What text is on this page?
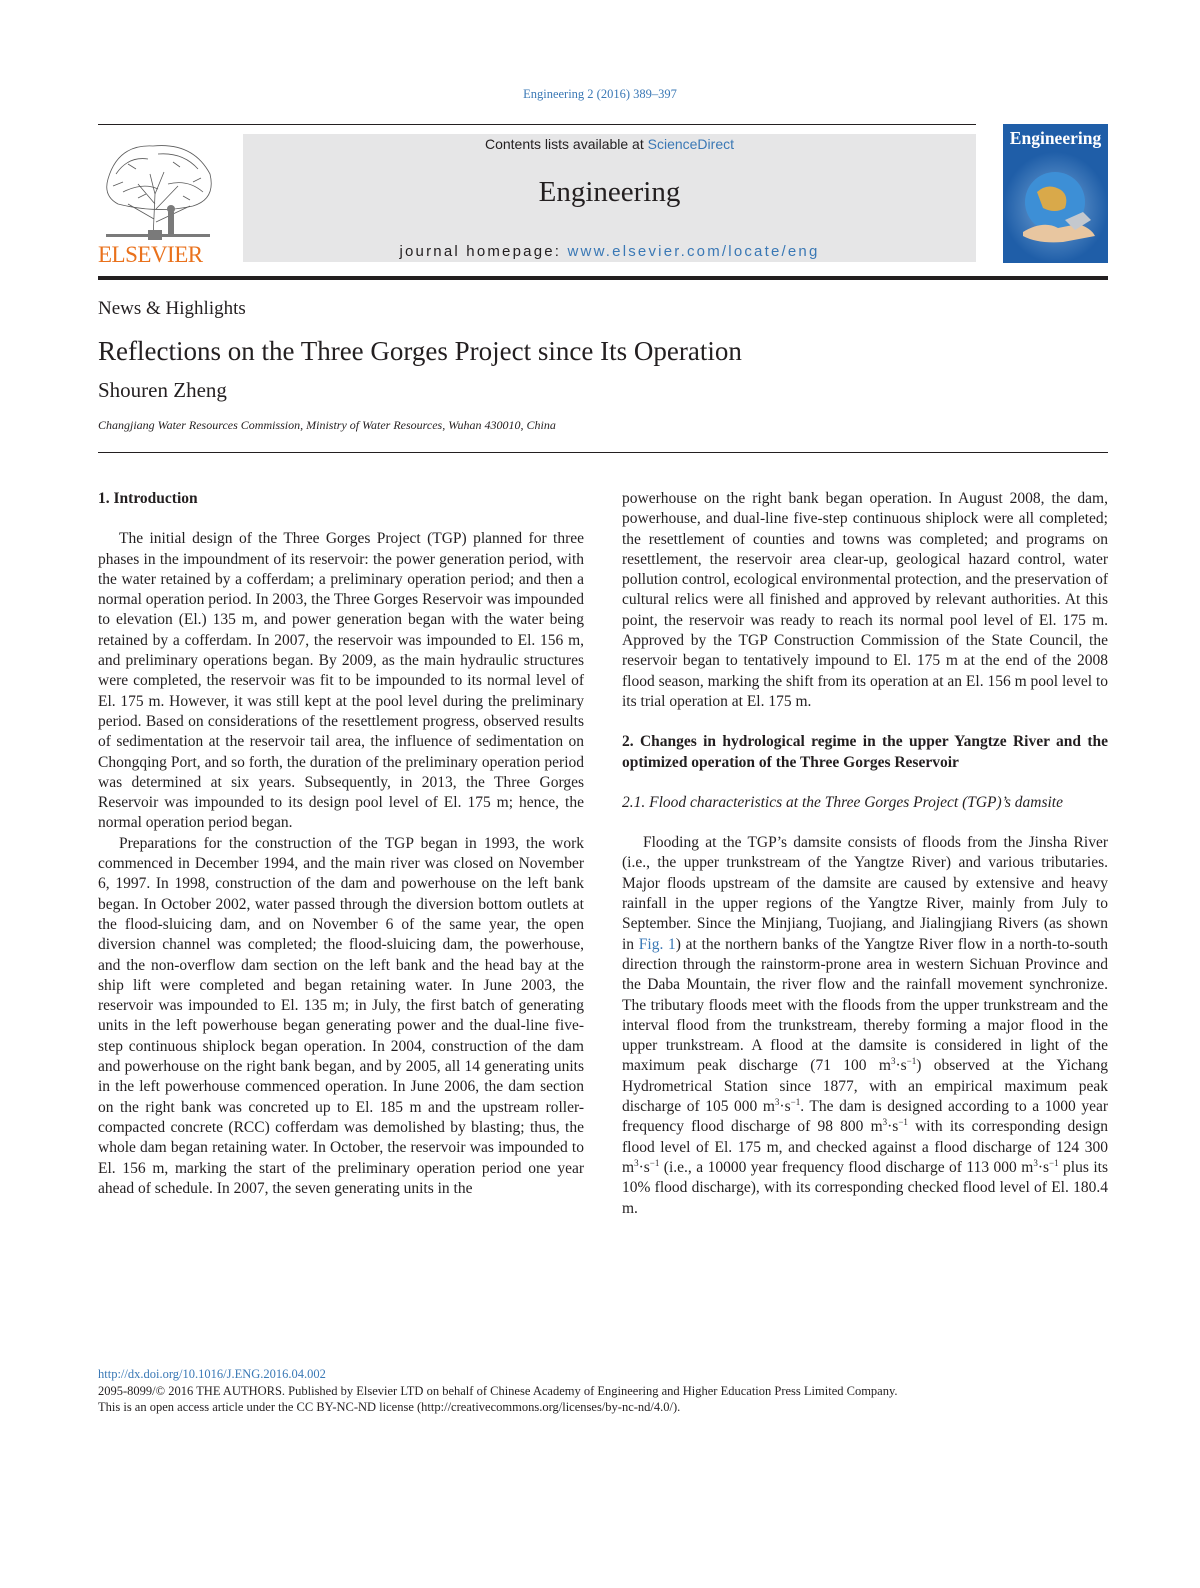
Engineering 2 (2016) 389–397
ELSEVIER
Contents lists available at ScienceDirect
Engineering
journal homepage: www.elsevier.com/locate/eng
Engineering
News & Highlights
Reflections on the Three Gorges Project since Its Operation
Shouren Zheng
Changjiang Water Resources Commission, Ministry of Water Resources, Wuhan 430010, China
1. Introduction

The initial design of the Three Gorges Project (TGP) planned for three phases in the impoundment of its reservoir: the power generation period, with the water retained by a cofferdam; a preliminary operation period; and then a normal operation period. In 2003, the Three Gorges Reservoir was impounded to elevation (El.) 135 m, and power generation began with the water being retained by a cofferdam. In 2007, the reservoir was impounded to El. 156 m, and preliminary operations began. By 2009, as the main hydraulic structures were completed, the reservoir was fit to be impounded to its normal level of El. 175 m. However, it was still kept at the pool level during the preliminary period. Based on considerations of the resettlement progress, observed results of sedimentation at the reservoir tail area, the influence of sedimentation on Chongqing Port, and so forth, the duration of the preliminary operation period was determined at six years. Subsequently, in 2013, the Three Gorges Reservoir was impounded to its design pool level of El. 175 m; hence, the normal operation period began.

Preparations for the construction of the TGP began in 1993, the work commenced in December 1994, and the main river was closed on November 6, 1997. In 1998, construction of the dam and powerhouse on the left bank began. In October 2002, water passed through the diversion bottom outlets at the flood-sluicing dam, and on November 6 of the same year, the open diversion channel was completed; the flood-sluicing dam, the powerhouse, and the non-overflow dam section on the left bank and the head bay at the ship lift were completed and began retaining water. In June 2003, the reservoir was impounded to El. 135 m; in July, the first batch of generating units in the left powerhouse began generating power and the dual-line five-step continuous shiplock began operation. In 2004, construction of the dam and powerhouse on the right bank began, and by 2005, all 14 generating units in the left powerhouse commenced operation. In June 2006, the dam section on the right bank was concreted up to El. 185 m and the upstream roller-compacted concrete (RCC) cofferdam was demolished by blasting; thus, the whole dam began retaining water. In October, the reservoir was impounded to El. 156 m, marking the start of the preliminary operation period one year ahead of schedule. In 2007, the seven generating units in the

powerhouse on the right bank began operation. In August 2008, the dam, powerhouse, and dual-line five-step continuous shiplock were all completed; the resettlement of counties and towns was completed; and programs on resettlement, the reservoir area clear-up, geological hazard control, water pollution control, ecological environmental protection, and the preservation of cultural relics were all finished and approved by relevant authorities. At this point, the reservoir was ready to reach its normal pool level of El. 175 m. Approved by the TGP Construction Commission of the State Council, the reservoir began to tentatively impound to El. 175 m at the end of the 2008 flood season, marking the shift from its operation at an El. 156 m pool level to its trial operation at El. 175 m.

2. Changes in hydrological regime in the upper Yangtze River and the optimized operation of the Three Gorges Reservoir
2.1. Flood characteristics at the Three Gorges Project (TGP)’s damsite

Flooding at the TGP’s damsite consists of floods from the Jinsha River (i.e., the upper trunkstream of the Yangtze River) and various tributaries. Major floods upstream of the damsite are caused by extensive and heavy rainfall in the upper regions of the Yangtze River, mainly from July to September. Since the Minjiang, Tuojiang, and Jialingjiang Rivers (as shown in Fig. 1) at the northern banks of the Yangtze River flow in a north-to-south direction through the rainstorm-prone area in western Sichuan Province and the Daba Mountain, the river flow and the rainfall movement synchronize. The tributary floods meet with the floods from the upper trunkstream and the interval flood from the trunkstream, thereby forming a major flood in the upper trunkstream. A flood at the damsite is considered in light of the maximum peak discharge (71 100 $m^3\cdot s^{-1}$) observed at the Yichang Hydrometrical Station since 1877, with an empirical maximum peak discharge of 105 000 $m^3\cdot s^{-1}$. The dam is designed according to a 1000 year frequency flood discharge of 98 800 $m^3\cdot s^{-1}$ with its corresponding design flood level of El. 175 m, and checked against a flood discharge of 124 300 $m^3\cdot s^{-1}$ (i.e., a 10000 year frequency flood discharge of 113 000 $m^3\cdot s^{-1}$ plus its 10% flood discharge), with its corresponding checked flood level of El. 180.4 m.

http://dx.doi.org/10.1016/J.ENG.2016.04.002
2095-8099/© 2016 THE AUTHORS. Published by Elsevier LTD on behalf of Chinese Academy of Engineering and Higher Education Press Limited Company.
This is an open access article under the CC BY-NC-ND license (http://creativecommons.org/licenses/by-nc-nd/4.0/).
